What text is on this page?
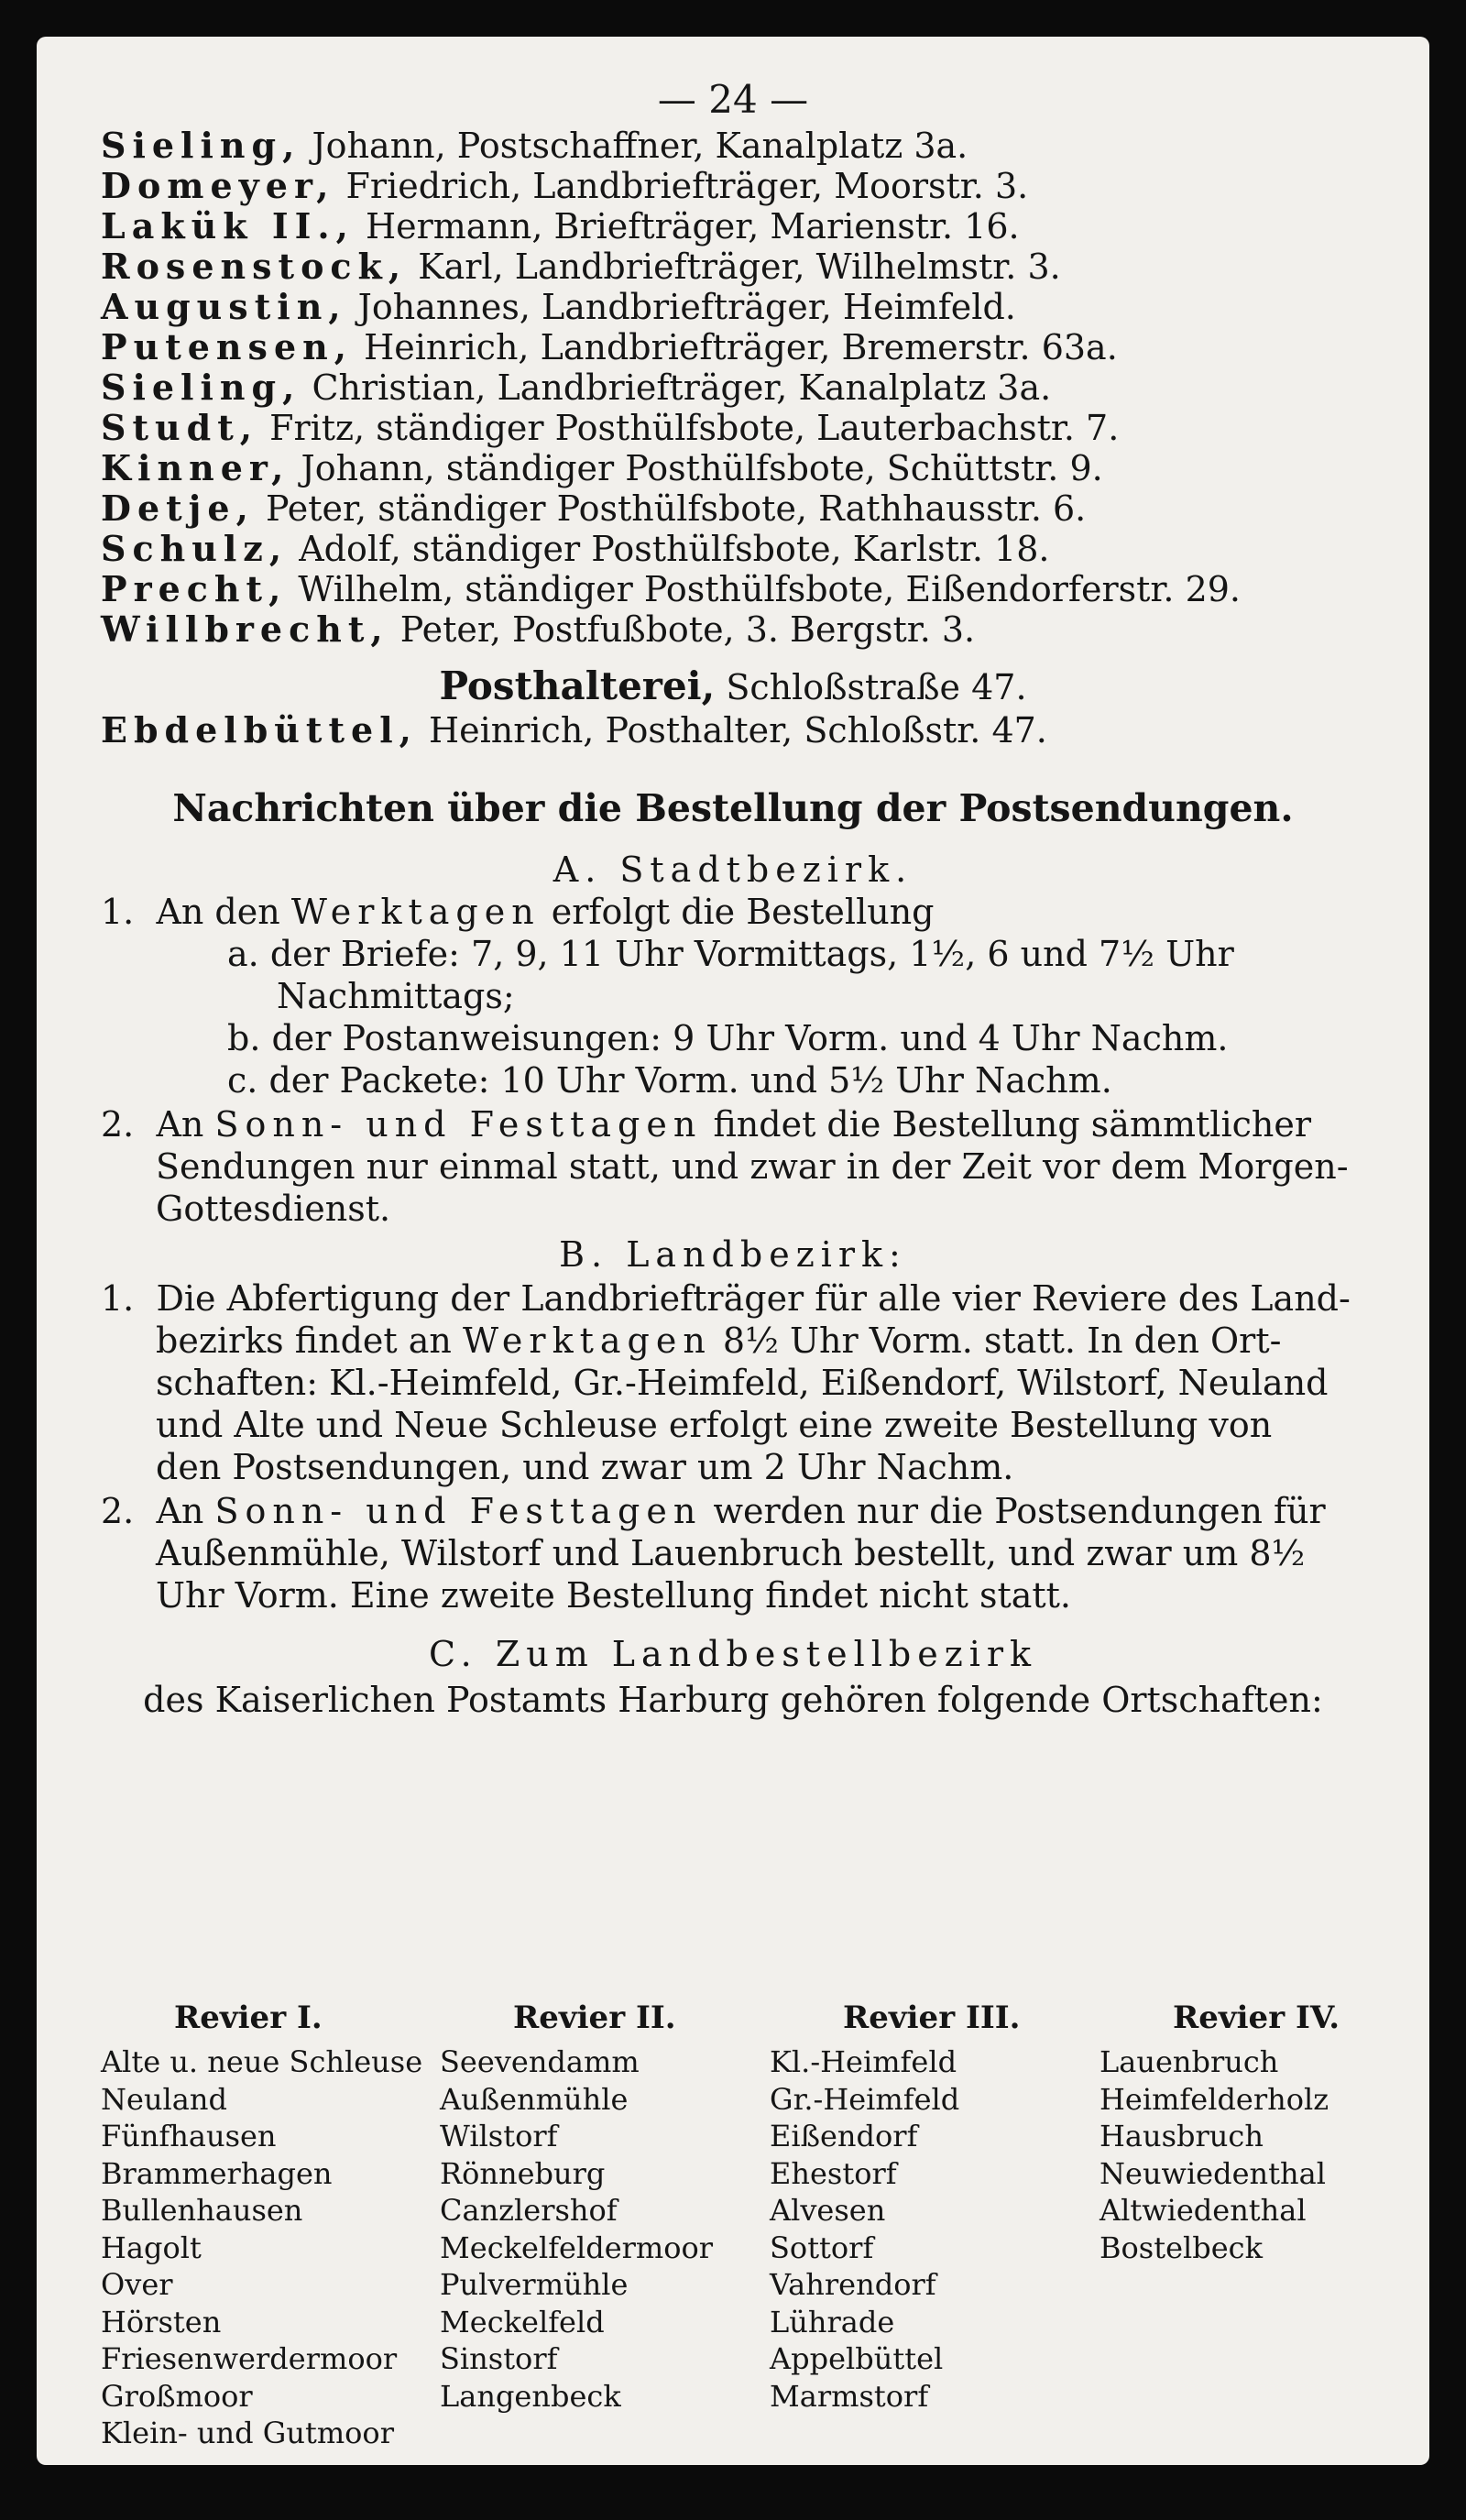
— 24 —
Sieling, Johann, Postschaffner, Kanalplatz 3a.
Domeyer, Friedrich, Landbriefträger, Moorstr. 3.
Lakük II., Hermann, Briefträger, Marienstr. 16.
Rosenstock, Karl, Landbriefträger, Wilhelmstr. 3.
Augustin, Johannes, Landbriefträger, Heimfeld.
Putensen, Heinrich, Landbriefträger, Bremerstr. 63a.
Sieling, Christian, Landbriefträger, Kanalplatz 3a.
Studt, Fritz, ständiger Posthülfsbote, Lauterbachstr. 7.
Kinner, Johann, ständiger Posthülfsbote, Schüttstr. 9.
Detje, Peter, ständiger Posthülfsbote, Rathhausstr. 6.
Schulz, Adolf, ständiger Posthülfsbote, Karlstr. 18.
Precht, Wilhelm, ständiger Posthülfsbote, Eißendorferstr. 29.
Willbrecht, Peter, Postfußbote, 3. Bergstr. 3.
Posthalterei, Schloßstraße 47.
Ebdelbüttel, Heinrich, Posthalter, Schloßstr. 47.
Nachrichten über die Bestellung der Postsendungen.
A. Stadtbezirk.
1. An den Werktagen erfolgt die Bestellung
a. der Briefe: 7, 9, 11 Uhr Vormittags, 1½, 6 und 7½ Uhr
Nachmittags;
b. der Postanweisungen: 9 Uhr Vorm. und 4 Uhr Nachm.
c. der Packete: 10 Uhr Vorm. und 5½ Uhr Nachm.
2. An Sonn- und Festtagen findet die Bestellung sämmtlicher
Sendungen nur einmal statt, und zwar in der Zeit vor dem Morgen-
Gottesdienst.
B. Landbezirk:
1. Die Abfertigung der Landbriefträger für alle vier Reviere des Land-
bezirks findet an Werktagen 8½ Uhr Vorm. statt. In den Ort-
schaften: Kl.-Heimfeld, Gr.-Heimfeld, Eißendorf, Wilstorf, Neuland
und Alte und Neue Schleuse erfolgt eine zweite Bestellung von
den Postsendungen, und zwar um 2 Uhr Nachm.
2. An Sonn- und Festtagen werden nur die Postsendungen für
Außenmühle, Wilstorf und Lauenbruch bestellt, und zwar um 8½
Uhr Vorm. Eine zweite Bestellung findet nicht statt.
C. Zum Landbestellbezirk
des Kaiserlichen Postamts Harburg gehören folgende Ortschaften:
Revier I.
Alte u. neue Schleuse
Neuland
Fünfhausen
Brammerhagen
Bullenhausen
Hagolt
Over
Hörsten
Friesenwerdermoor
Großmoor
Klein- und Gutmoor
Revier II.
Seevendamm
Außenmühle
Wilstorf
Rönneburg
Canzlershof
Meckelfeldermoor
Pulvermühle
Meckelfeld
Sinstorf
Langenbeck
Revier III.
Kl.-Heimfeld
Gr.-Heimfeld
Eißendorf
Ehestorf
Alvesen
Sottorf
Vahrendorf
Lührade
Appelbüttel
Marmstorf
Revier IV.
Lauenbruch
Heimfelderholz
Hausbruch
Neuwiedenthal
Altwiedenthal
Bostelbeck
